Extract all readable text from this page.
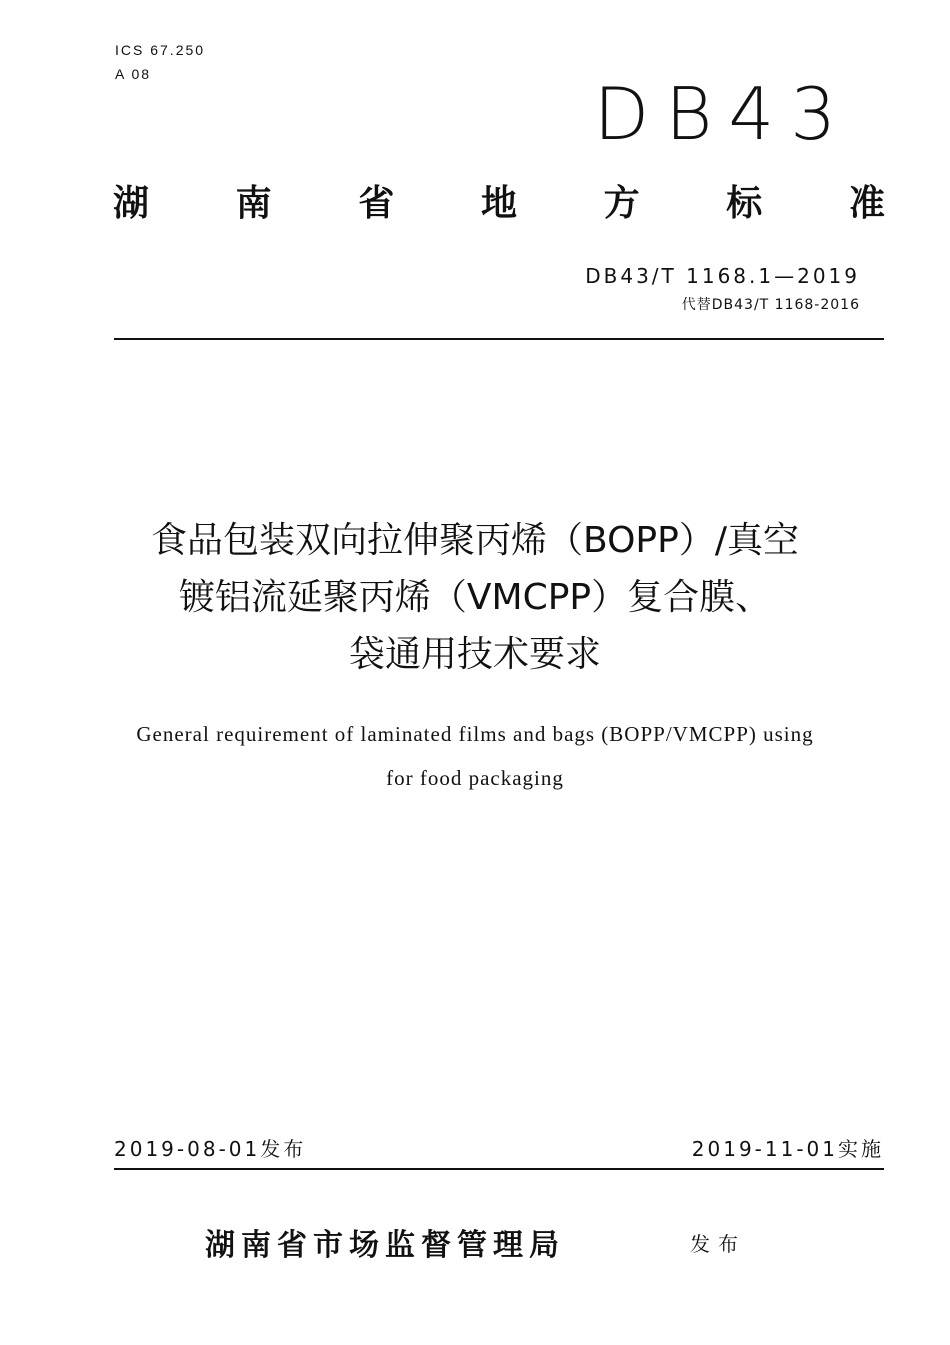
ICS 67.250
A 08	DB43
湖 南 省 地 方 标 准
DB43/T 1168.1—2019
代替DB43/T 1168-2016
食品包装双向拉伸聚丙烯（BOPP）/真空
镀铝流延聚丙烯（VMCPP）复合膜、
袋通用技术要求
General requirement of laminated films and bags (BOPP/VMCPP) using
for food packaging
2019-08-01发布	2019-11-01实施
湖南省市场监督管理局	发布
